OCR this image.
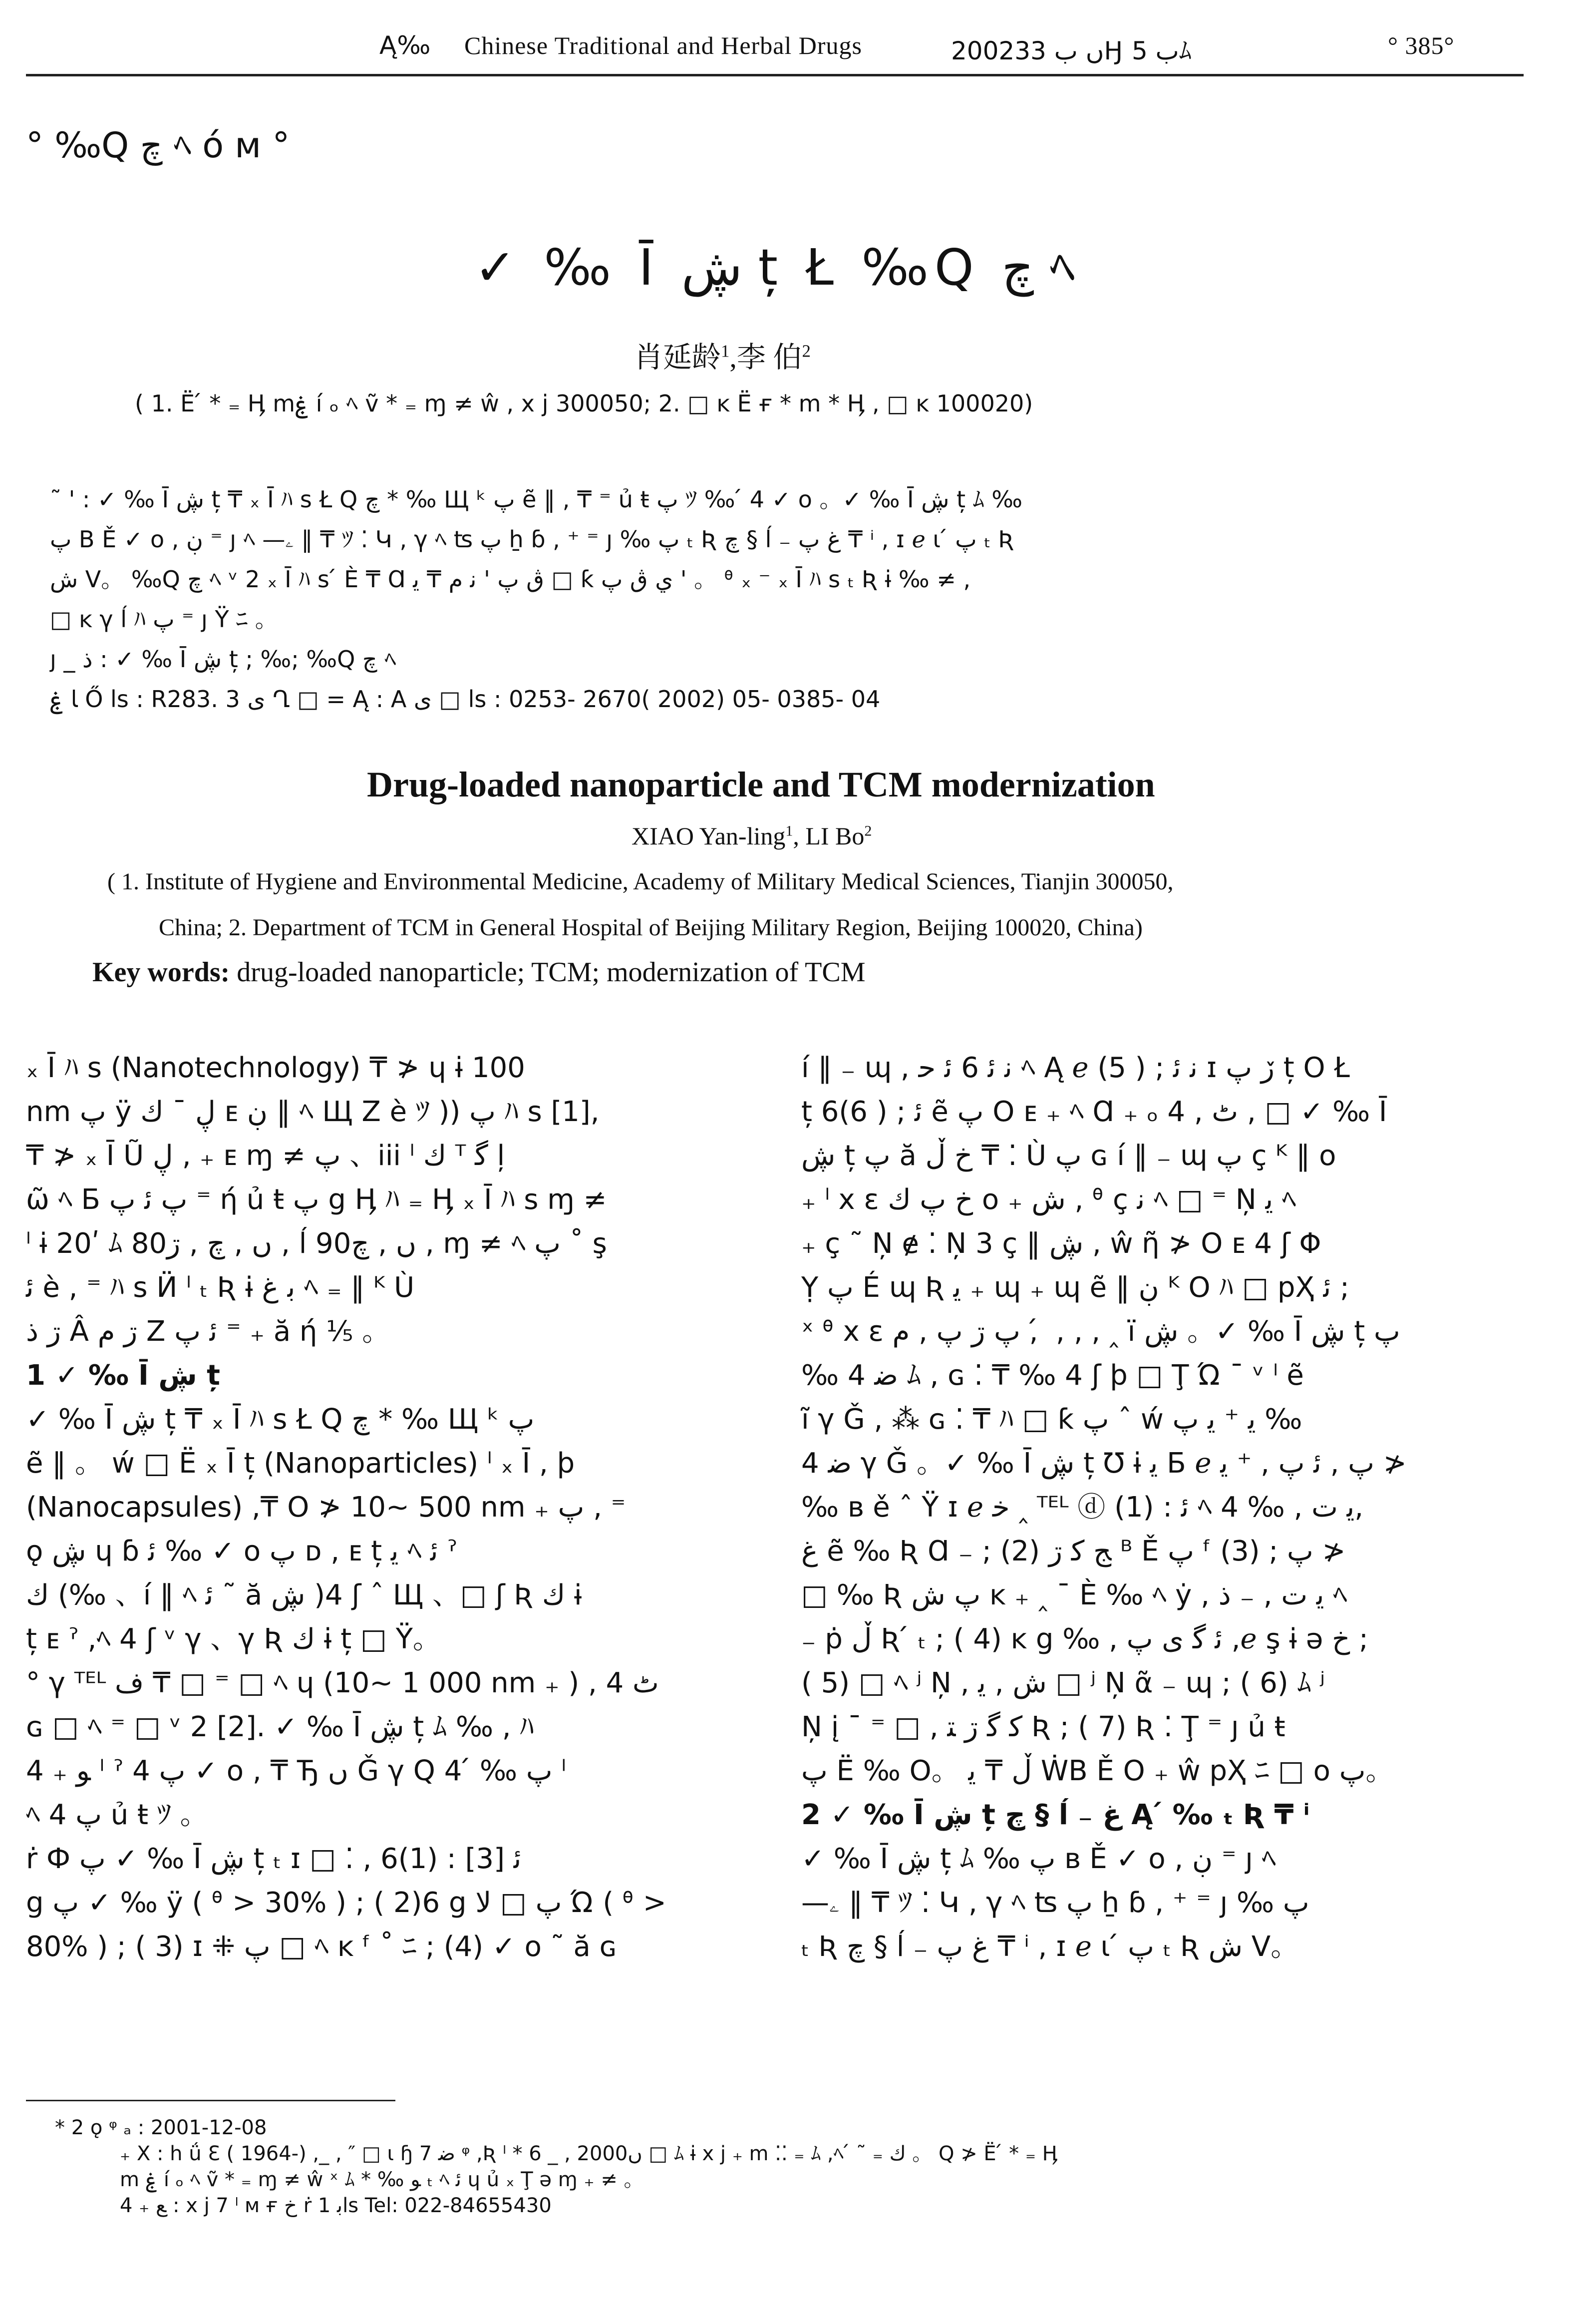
Ą‰ Chinese Traditional and Herbal Drugs	2002ں ب 33Ӈ ب 5ﾑ	° 385°
° ‰Q چ ﾍ ó м °
✓ ‰ Ī ڜ ț Ł ‰Q چ ﾍ
肖延龄$^1$,李 伯$^2$
( 1. Ë ́ * ₌ Ӊ mۼ í ₒ ﾍ ṽ * ₌ ɱ ≠ ŵ , x j 300050; 2. □ ᴋ Ë ғ * m * Ӊ , □ ᴋ 100020)
˜ ' : ✓ ‰ Ī ڜ ț ₸ ₓ Ī ﾊ s Ł Q چ * ‰ Щ ᵏ پ ẽ ‖ , ₸ ⁼ ủ ŧ پ ﾂ ‰ ́ 4 ✓ o 。✓ ‰ Ī ڜ ț ﾑ ‰
پ B Ě ✓ o , ڹ ⁼ ȷ ﾍ —ۦ ‖ ₸ ﾂ ⁚ Կ ‚ γ ﾍ ʦ پ ẖ ɓ , ⁺ ⁼ ȷ ‰ پ ₜ Ʀ چ § ĺ ₋ ﻍ پ ₸ ⁱ , ɪ ℯ ι ́ پ ₜ Ʀ
ﺵ V。 ‰Q چ ﾍ ᵛ 2 ₓ Ī ﾊ s ́ È ₸ Ɑ ڨ پ ' ﻧ ﻡ ₸ ﻳ □ ƙ ﻱ ڨ پ ' 。 ᶿ ₓ ⁻ ₓ Ī ﾊ s ₜ Ʀ ɨ ‰ ≠ ,
□ ĸ γ ĺ ﾊ پ ⁼ ȷ Ÿ ﾆ 。
ȷ _ ﺫ : ✓ ‰ Ī ڜ ț ; ‰; ‰Q چ ﾍ
ﺎ ۼ Ő ls : R283. 3 ﻯ Ղ □ = Ą : A ﻯ □ ls : 0253- 2670( 2002) 05- 0385- 04
Drug-loaded nanoparticle and TCM modernization
XIAO Yan-ling$^1$, LI Bo$^2$
( 1. Institute of Hygiene and Environmental Medicine, Academy of Military Medical Sciences, Tianjin 300050,
China; 2. Department of TCM in General Hospital of Beijing Military Region, Beijing 100020, China)
Key words: drug-loaded nanoparticle; TCM; modernization of TCM

ₓ Ī ﾊ s (Nanotechnology) ₸ ≯ ɥ ɨ 100

nm پ ÿ ڸ ˉ ﻙ ᴇ ڹ ‖ ﾍ Щ Ζ è ﾂ )) پ ﾊ s [1],

₸ ≯ ₓ Ī Ũ ڸ ‚ ₊ ᴇ ɱ ≠ ﭖ 、iii ˡ ﻙ ᵀ ﮔ ļ

ω̃ ﾍ Б پ ﺋ پ ⁼ ή ủ ŧ پ g Ӊ ﾊ ₌ Ӊ ₓ Ī ﾊ s ɱ ≠

ˡ ɨ 20ʹ ﾑ 80ں , چ , ڗ , ĺ 90ں , چ , ɱ ≠ ﾍ پ ˚ ş

ﺋ è , ⁼ ﾊ s Ӥ ˡ ₜ Ʀ ɨ ﺑ ﻍ ﾍ ₌ ‖ ᴷ Ù

ڗ ﺫ Â ڗ ﻡ Ζ ﺋ پ ⁼ ₊ ӑ ή ⅕ 。

1 ✓ ‰ Ī ڜ ț

✓ ‰ Ī ڜ ț ₸ ₓ Ī ﾊ s Ł Q چ * ‰ Щ ᵏ پ

ẽ ‖ 。 ẃ □ Ë ₓ Ī ț (Nanoparticles) ˡ ₓ Ī , þ

(Nanocapsules) ,₸ O ≯ 10~ 500 nm ₊ پ , ⁼

ǫ ڜ ɥ ɓ ﺋ ‰ ✓ o پ ᴅ , ᴇ ț ﻳ ﾍ ﺋ ˀ

ﻙ (‰ 、í ‖ ﾍ ﺋ ˜ ӑ ڜ )4 ʃ ˆ Щ 、□ ʃ Ʀ ﻙ ɨ

ț ᴇ ˀ ,ﾍ 4 ʃ ᵛ γ 、γ Ʀ ﻙ ɨ ț □ Ÿ。

° γ ᵀᴱᴸ ﻑ ₸ □ ⁼ □ ﾍ ɥ (10~ 1 000 nm ₊ ) , 4 ٹ

ɢ □ ﾍ ⁼ □ ᵛ 2 [2]. ✓ ‰ Ī ڜ ț ﾑ ‰ , ﾊ

4 ₊ ﻮ ˡ ˀ 4 پ ✓ o , ₸ Ђ ں Ǧ γ Q پ ‰ ́ 4 ˡ

ﾍ 4 پ ủ ŧ ﾂ 。

ṙ Ф پ ✓ ‰ Ī ڜ ț ₜ ɪ □ ⁚ , ﺋ [3] : (1)6

g پ ✓ ‰ ÿ ( ᶿ > 30% ) ; ( 2)6 g پ □ ﻻ Ώ ( ᶿ >

80% ) ; ( 3) ɪ ⁜ پ □ ﾍ ĸ ᶠ ˚ ﾆ ; (4) ✓ o ˜ ӑ ɢ

í ‖ ₋ ɰ , ﻧ ﺋ 6 ﺋ ﺣ ﾍ Ą ℯ ﻧ ﺋ ; ( 5) ɪ ڒ پ ț O Ł

ț ﺋ ; ( 6)6 ẽ پ O ᴇ ₊ ﾍ Ɑ ₊ ₒ 4 , ٹ , □ ✓ ‰ Ī

ڜ ț ﭖ ӑ ﺥ ڵ ₸ ⁚ Ù پ ɢ í ‖ ₋ ɰ پ ç ᴷ ‖ o

₊ ˡ x ε ﺥ پ ﻙ o ₊ ﺵ , ᶿ ç ﻧ ﾍ □ ⁼ Ņ ﻳ ﾍ

₊ ç ˜ Ņ ɇ ⁚ Ņ 3 ç ‖ ڜ , ŵ ῆ ≯ O ᴇ 4 ʃ Φ

Ỵ پ É ɰ Ʀ ﻳ ₊ ɰ ₊ ɰ ẽ ‖ ڹ ᴷ O ﾊ □ pҲ ﺋ ;

ˣ ᶿ x ε پ ڗ پ , ﻡ , ́ , ‚ , ‸ ï ڜ 。✓ ‰ Ī ڜ ț پ

‰ 4 ﺿ ﾑ , ɢ ⁚ ₸ ‰ 4 ʃ þ □ Ţ Ώ ˉ ᵛ ˡ ẽ

ĩ γ Ǧ , ⁂ ɢ ⁚ ₸ ﾊ □ ƙ پ ˆ ẃ ﻳ ⁺ ﻳ پ ‰

4 ﺿ γ Ǧ 。✓ ‰ Ī ڜ ț Ʊ ɨ ﻳ Б ℯ پ , ﺋ پ , ⁺ ﻳ ≯

‰ ʙ ě ˆ Ÿ ɪ ℯ ﺧ ‸ ᵀᴱᴸ ⓓ ﺋ : (1) ﾍ 4 ‰ , ﻳ ﺕ,

ﻍ ẽ ‰ Ʀ Ɑ ₋ ; (2) ﺞ ﻛ ڗ ᴮ Ě پ ᶠ پ ; (3) ≯

□ ‰ Ʀ پ ﺵ ĸ ₊ ‸ ˉ È ‰ ﾍ ẏ , ﻳ ﺕ , ₋ ﺫ ﾍ

₋ ṗ ڵ Ʀ ́ ₜ ; ( 4) ĸ g ‰ , ﺋ ﮔ ﻯ پ ,ℯ ş ɨ ə ﺥ ;

( 5) □ ﾍ ʲ Ņ , ﺵ , ﻳ □ ʲ Ņ ᾶ ₋ ɰ ; ( 6) ﾑ ʲ

Ņ į ˉ ⁼ □ , ﻛ ﮔ ڗ ﺘ Ʀ ; ( 7) Ʀ ⁚ Ţ ⁼ ȷ ủ ŧ

پ Ë ‰ O。 ڵ ₸ ﻳ ẆB Ě O ₊ ŵ pҲ ﾆ □ o پ。

2 ✓ ‰ Ī ڜ ț چ § ĺ ₋ ﻍ Ą ́ ‰ ₜ Ʀ ₸ ⁱ

✓ ‰ Ī ڜ ț ﾑ ‰ پ ʙ Ě ✓ o , ڹ ⁼ ȷ ﾍ

—ۦ ‖ ₸ ﾂ ⁚ Կ ‚ γ ﾍ ʦ پ ẖ ɓ , ⁺ ⁼ ȷ ‰ پ

ₜ Ʀ چ § ĺ ₋ ﻍ پ ₸ ⁱ , ɪ ℯ ι ́ پ ₜ Ʀ ﺵ V。

* 2 ǫ ᵠ ₐ : 2001-12-08
₊ Χ : h ǘ Ɛ ( 1964-) ,_ , ″ □ ι ɧ ﺿ 7 ᵠ ,Ʀ ˡ * 6 _ , 2000ں □ ﾑ ɨ x j ₊ m ⁚⁚ ₌ ﾑ ,ﾍ ́ ˜ ₌ ﻙ 。 Q ≯ Ë ́ * ₌ Ӊ
m ۼ í ₒ ﾍ ṽ * ₌ ɱ ≠ ŵ ˣ ﾑ * ‰ ﻮ ₜ ﾍ ﺋ ɥ ủ ₓ Ţ ə ɱ ₊ ≠ 。
4 ₊ ﻊ : x j 7 ˡ ᴍ ғ ﺥ ṙ ﺑ 1ls Tel: 022-84655430
